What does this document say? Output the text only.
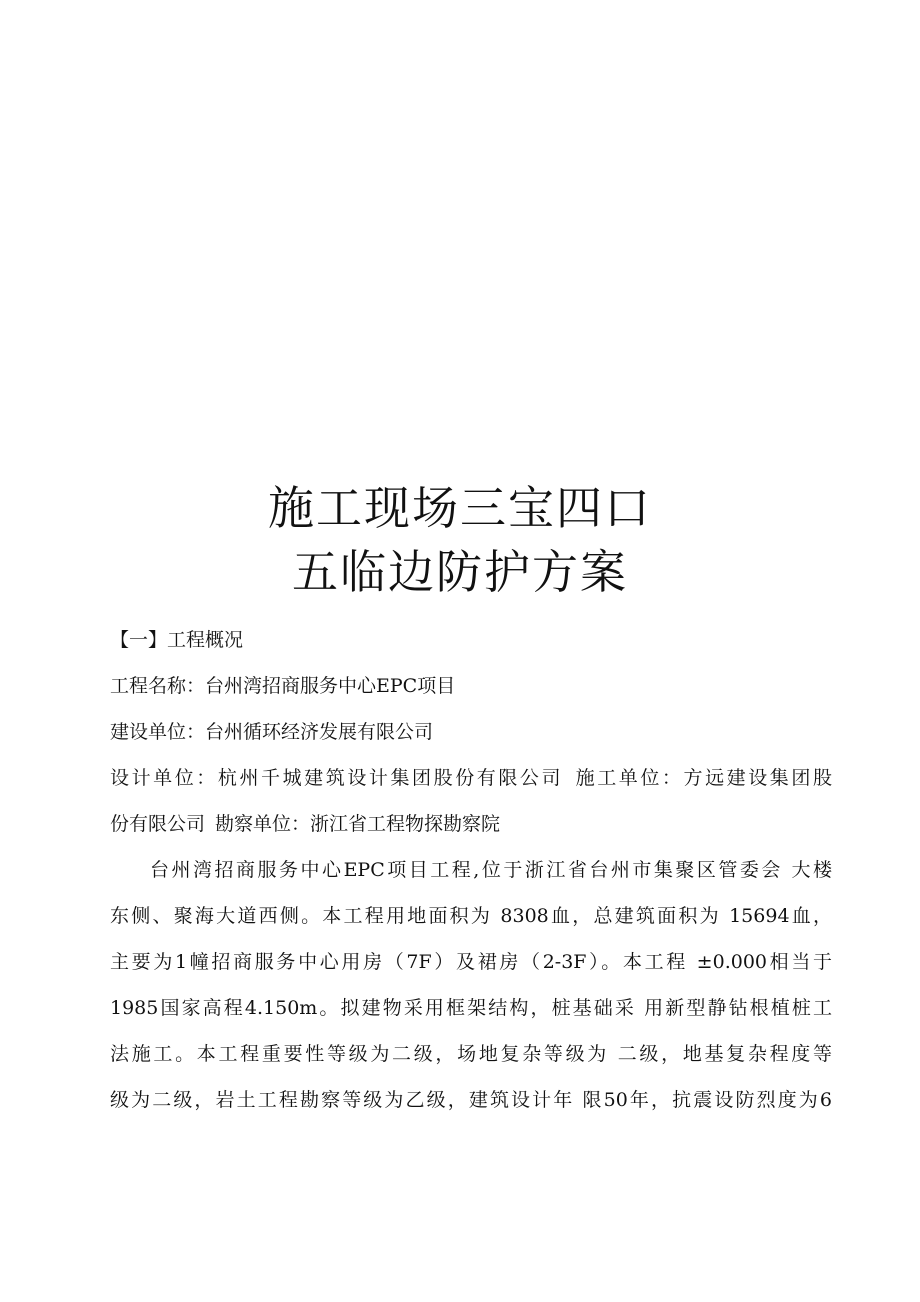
施工现场三宝四口
五临边防护方案
【一】工程概况
工程名称：台州湾招商服务中心EPC项目
建设单位：台州循环经济发展有限公司
设计单位：杭州千城建筑设计集团股份有限公司 施工单位：方远建设集团股
份有限公司 勘察单位：浙江省工程物探勘察院
台州湾招商服务中心EPC项目工程,位于浙江省台州市集聚区管委会 大楼
东侧、聚海大道西侧。本工程用地面积为 8308血，总建筑面积为 15694血，
主要为1幢招商服务中心用房（7F）及裙房（2-3F）。本工程 ±0.000相当于
1985国家高程4.150m。拟建物采用框架结构，桩基础采 用新型静钻根植桩工
法施工。本工程重要性等级为二级，场地复杂等级为 二级，地基复杂程度等
级为二级，岩土工程勘察等级为乙级，建筑设计年 限50年，抗震设防烈度为6
